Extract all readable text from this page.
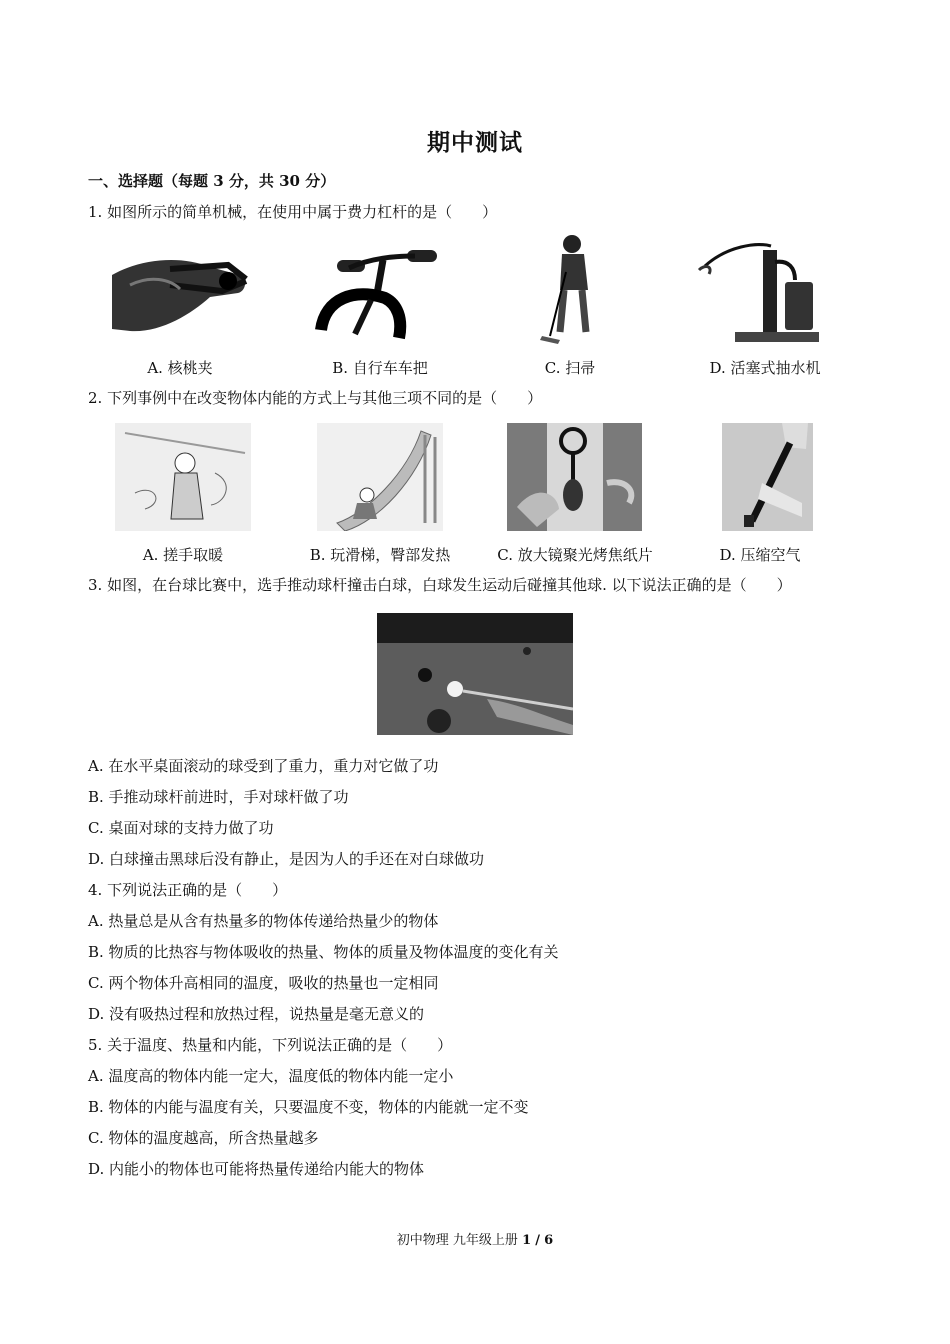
期中测试
一、选择题（每题 3 分，共 30 分）
1. 如图所示的简单机械，在使用中属于费力杠杆的是（　　）
A. 核桃夹	B. 自行车车把	C. 扫帚	D. 活塞式抽水机
2. 下列事例中在改变物体内能的方式上与其他三项不同的是（　　）
A. 搓手取暖	B. 玩滑梯，臀部发热	C. 放大镜聚光烤焦纸片	D. 压缩空气
3. 如图，在台球比赛中，选手推动球杆撞击白球，白球发生运动后碰撞其他球. 以下说法正确的是（　　）
A. 在水平桌面滚动的球受到了重力，重力对它做了功
B. 手推动球杆前进时，手对球杆做了功
C. 桌面对球的支持力做了功
D. 白球撞击黑球后没有静止，是因为人的手还在对白球做功
4. 下列说法正确的是（　　）
A. 热量总是从含有热量多的物体传递给热量少的物体
B. 物质的比热容与物体吸收的热量、物体的质量及物体温度的变化有关
C. 两个物体升高相同的温度，吸收的热量也一定相同
D. 没有吸热过程和放热过程，说热量是毫无意义的
5. 关于温度、热量和内能，下列说法正确的是（　　）
A. 温度高的物体内能一定大，温度低的物体内能一定小
B. 物体的内能与温度有关，只要温度不变，物体的内能就一定不变
C. 物体的温度越高，所含热量越多
D. 内能小的物体也可能将热量传递给内能大的物体
初中物理 九年级上册 1 / 6
